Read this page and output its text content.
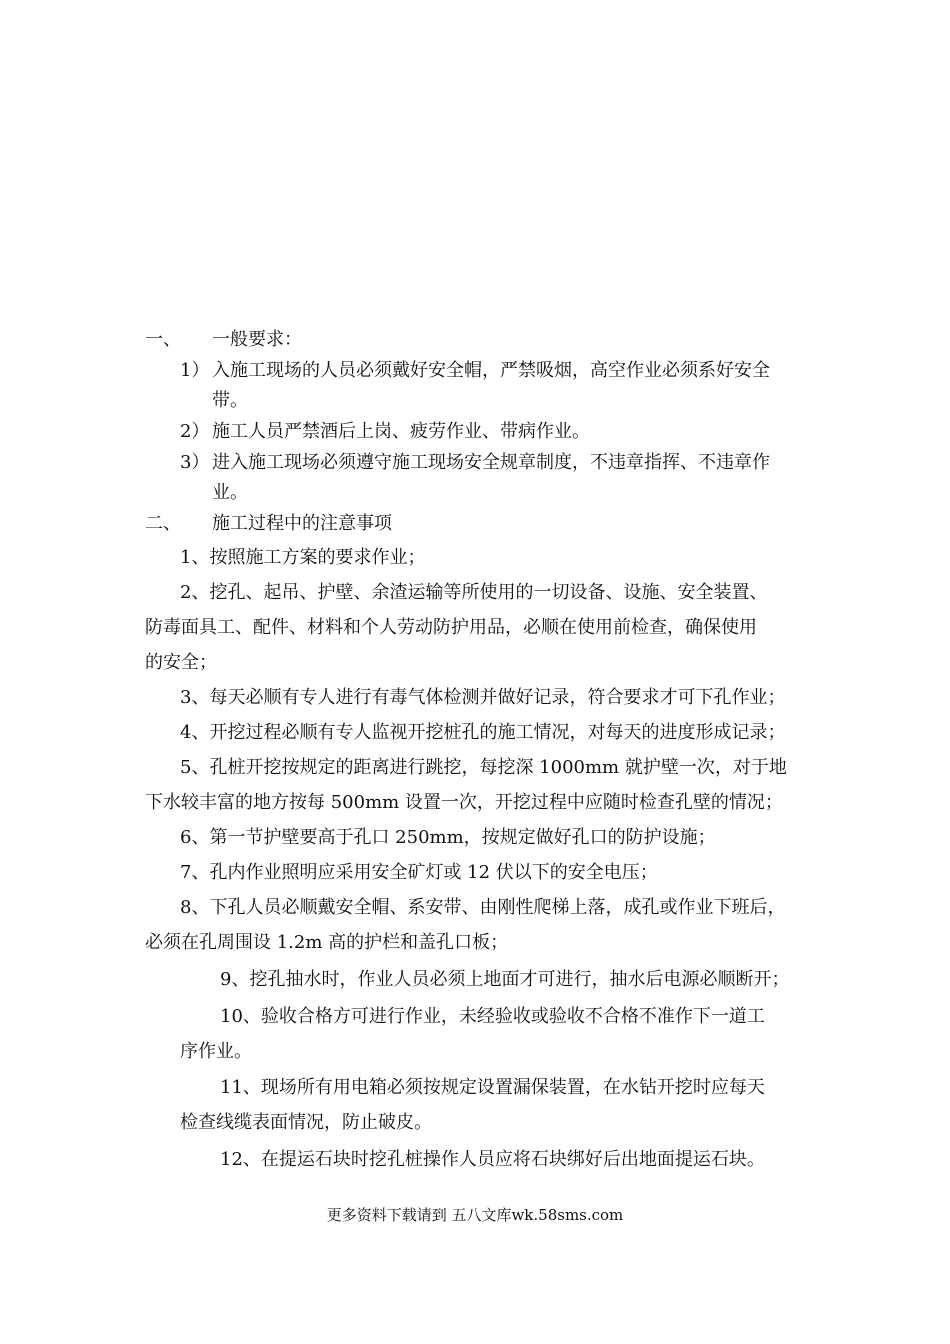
一、 一般要求：
1） 入施工现场的人员必须戴好安全帽，严禁吸烟，高空作业必须系好安全
带。
2） 施工人员严禁酒后上岗、疲劳作业、带病作业。
3） 进入施工现场必须遵守施工现场安全规章制度，不违章指挥、不违章作
业。
二、 施工过程中的注意事项
1、按照施工方案的要求作业；
2、挖孔、起吊、护壁、余渣运输等所使用的一切设备、设施、安全装置、
防毒面具工、配件、材料和个人劳动防护用品，必顺在使用前检查，确保使用
的安全；
3、每天必顺有专人进行有毒气体检测并做好记录，符合要求才可下孔作业；
4、开挖过程必顺有专人监视开挖桩孔的施工情况，对每天的进度形成记录；
5、孔桩开挖按规定的距离进行跳挖，每挖深 1000mm 就护壁一次，对于地
下水较丰富的地方按每 500mm 设置一次，开挖过程中应随时检查孔壁的情况；
6、第一节护壁要高于孔口 250mm，按规定做好孔口的防护设施；
7、孔内作业照明应采用安全矿灯或 12 伏以下的安全电压；
8、下孔人员必顺戴安全帽、系安带、由刚性爬梯上落，成孔或作业下班后，
必须在孔周围设 1.2m 高的护栏和盖孔口板；
9、挖孔抽水时，作业人员必须上地面才可进行，抽水后电源必顺断开；
10、验收合格方可进行作业，未经验收或验收不合格不准作下一道工
序作业。
11、现场所有用电箱必须按规定设置漏保装置，在水钻开挖时应每天
检查线缆表面情况，防止破皮。
12、在提运石块时挖孔桩操作人员应将石块绑好后出地面提运石块。
更多资料下载请到 五八文库wk.58sms.com
